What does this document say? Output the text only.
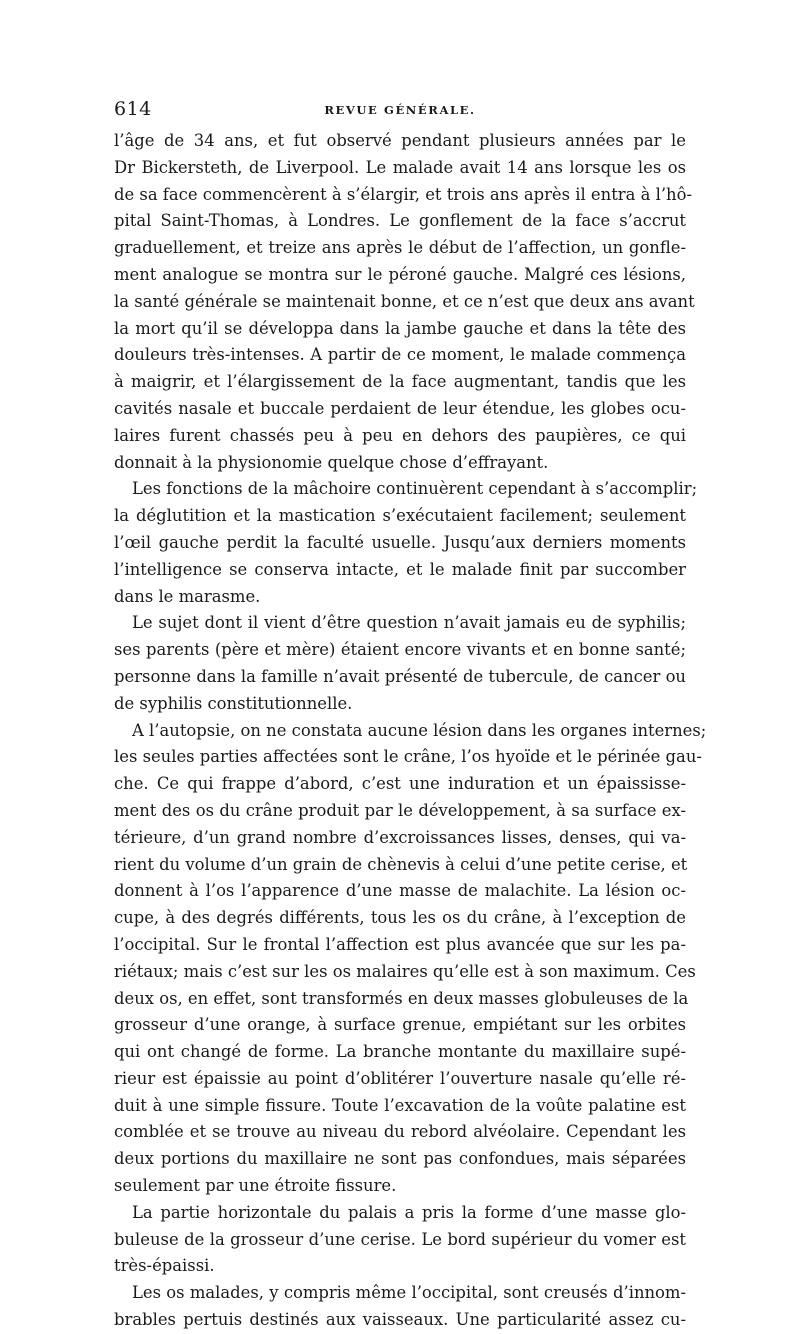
614	REVUE GÉNÉRALE.
l’âge de 34 ans, et fut observé pendant plusieurs années par le
Dr Bickersteth, de Liverpool. Le malade avait 14 ans lorsque les os
de sa face commencèrent à s’élargir, et trois ans après il entra à l’hô-
pital Saint-Thomas, à Londres. Le gonflement de la face s’accrut
graduellement, et treize ans après le début de l’affection, un gonfle-
ment analogue se montra sur le péroné gauche. Malgré ces lésions,
la santé générale se maintenait bonne, et ce n’est que deux ans avant
la mort qu’il se développa dans la jambe gauche et dans la tête des
douleurs très-intenses. A partir de ce moment, le malade commença
à maigrir, et l’élargissement de la face augmentant, tandis que les
cavités nasale et buccale perdaient de leur étendue, les globes ocu-
laires furent chassés peu à peu en dehors des paupières, ce qui
donnait à la physionomie quelque chose d’effrayant.
Les fonctions de la mâchoire continuèrent cependant à s’accomplir;
la déglutition et la mastication s’exécutaient facilement; seulement
l’œil gauche perdit la faculté usuelle. Jusqu’aux derniers moments
l’intelligence se conserva intacte, et le malade finit par succomber
dans le marasme.
Le sujet dont il vient d’être question n’avait jamais eu de syphilis;
ses parents (père et mère) étaient encore vivants et en bonne santé;
personne dans la famille n’avait présenté de tubercule, de cancer ou
de syphilis constitutionnelle.
A l’autopsie, on ne constata aucune lésion dans les organes internes;
les seules parties affectées sont le crâne, l’os hyoïde et le périnée gau-
che. Ce qui frappe d’abord, c’est une induration et un épaississe-
ment des os du crâne produit par le développement, à sa surface ex-
térieure, d’un grand nombre d’excroissances lisses, denses, qui va-
rient du volume d’un grain de chènevis à celui d’une petite cerise, et
donnent à l’os l’apparence d’une masse de malachite. La lésion oc-
cupe, à des degrés différents, tous les os du crâne, à l’exception de
l’occipital. Sur le frontal l’affection est plus avancée que sur les pa-
riétaux; mais c’est sur les os malaires qu’elle est à son maximum. Ces
deux os, en effet, sont transformés en deux masses globuleuses de la
grosseur d’une orange, à surface grenue, empiétant sur les orbites
qui ont changé de forme. La branche montante du maxillaire supé-
rieur est épaissie au point d’oblitérer l’ouverture nasale qu’elle ré-
duit à une simple fissure. Toute l’excavation de la voûte palatine est
comblée et se trouve au niveau du rebord alvéolaire. Cependant les
deux portions du maxillaire ne sont pas confondues, mais séparées
seulement par une étroite fissure.
La partie horizontale du palais a pris la forme d’une masse glo-
buleuse de la grosseur d’une cerise. Le bord supérieur du vomer est
très-épaissi.
Les os malades, y compris même l’occipital, sont creusés d’innom-
brables pertuis destinés aux vaisseaux. Une particularité assez cu-
